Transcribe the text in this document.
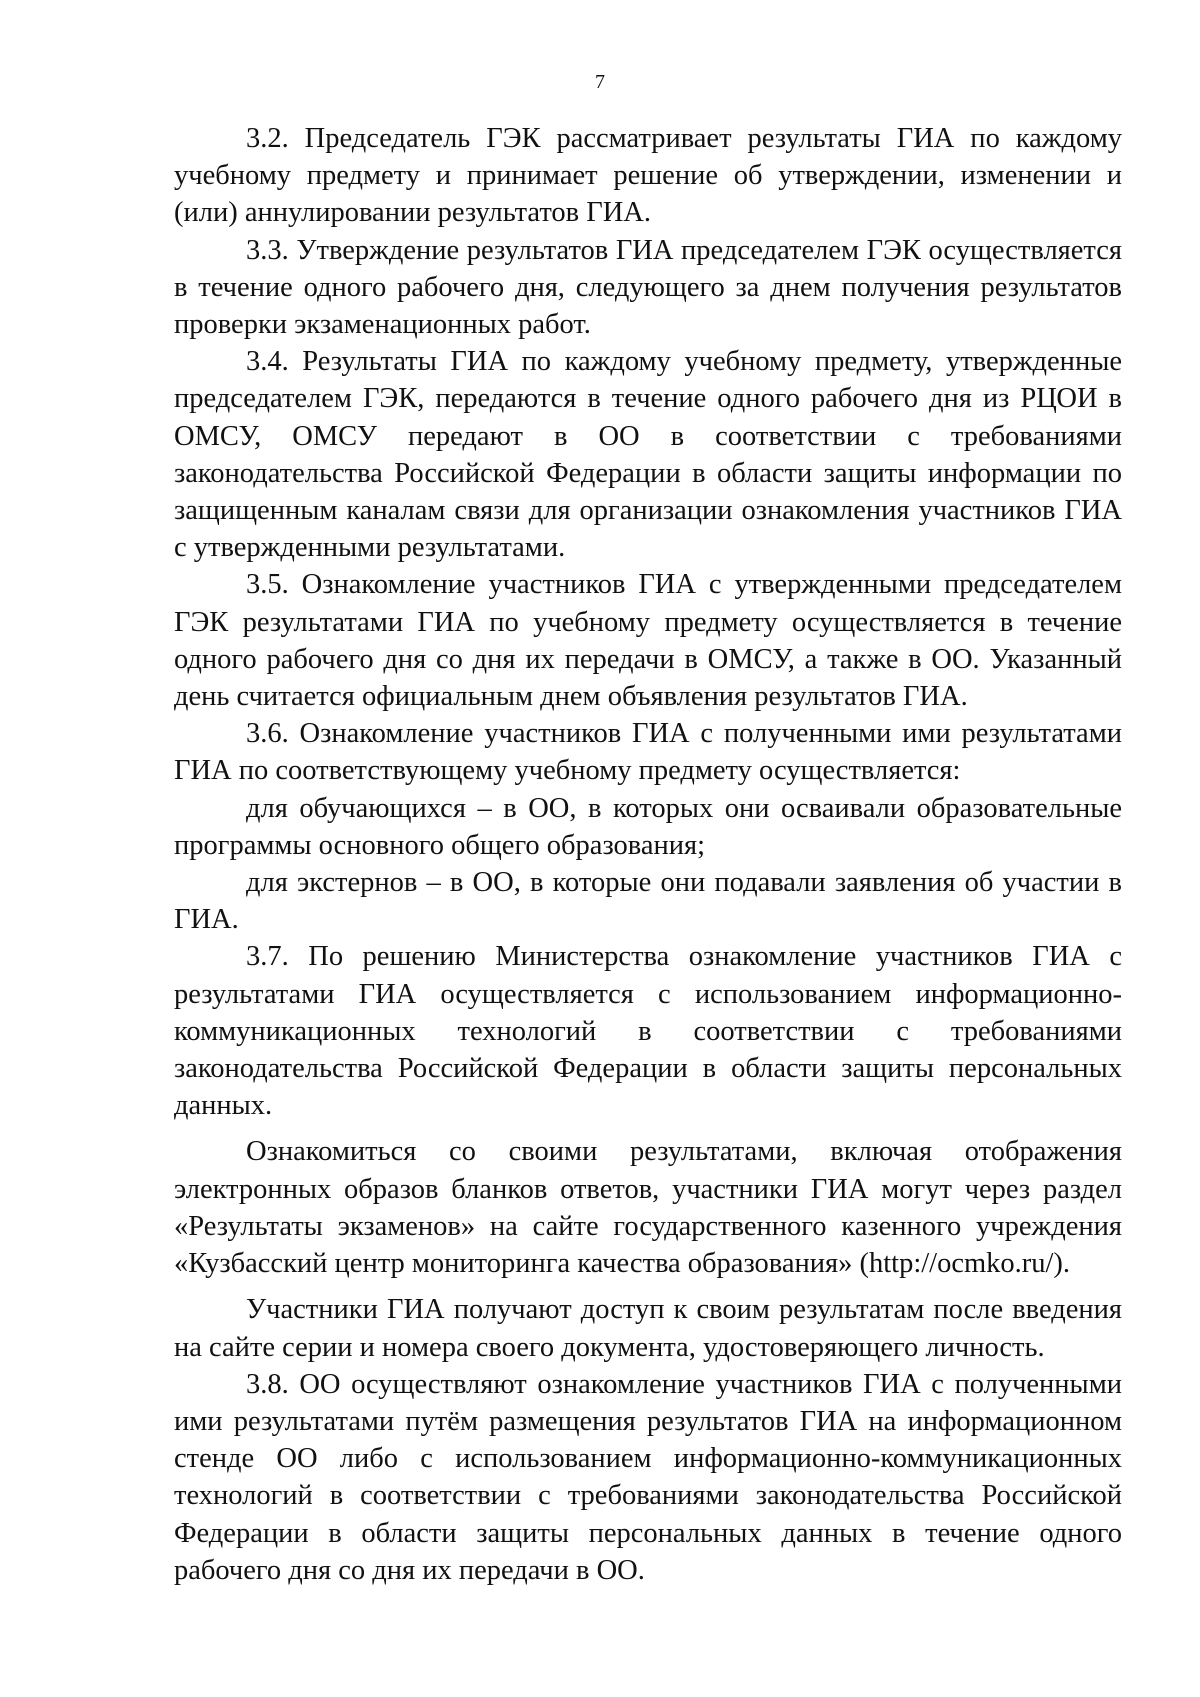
7

3.2. Председатель ГЭК рассматривает результаты ГИА по каждому учебному предмету и принимает решение об утверждении, изменении и (или) аннулировании результатов ГИА.

3.3. Утверждение результатов ГИА председателем ГЭК осуществляется в течение одного рабочего дня, следующего за днем получения результатов проверки экзаменационных работ.

3.4. Результаты ГИА по каждому учебному предмету, утвержденные председателем ГЭК, передаются в течение одного рабочего дня из РЦОИ в ОМСУ, ОМСУ передают в ОО в соответствии с требованиями законодательства Российской Федерации в области защиты информации по защищенным каналам связи для организации ознакомления участников ГИА с утвержденными результатами.

3.5. Ознакомление участников ГИА с утвержденными председателем ГЭК результатами ГИА по учебному предмету осуществляется в течение одного рабочего дня со дня их передачи в ОМСУ, а также в ОО. Указанный день считается официальным днем объявления результатов ГИА.

3.6. Ознакомление участников ГИА с полученными ими результатами ГИА по соответствующему учебному предмету осуществляется:

для обучающихся – в ОО, в которых они осваивали образовательные программы основного общего образования;

для экстернов – в ОО, в которые они подавали заявления об участии в ГИА.

3.7. По решению Министерства ознакомление участников ГИА с результатами ГИА осуществляется с использованием информационно-коммуникационных технологий в соответствии с требованиями законодательства Российской Федерации в области защиты персональных данных.

Ознакомиться со своими результатами, включая отображения электронных образов бланков ответов, участники ГИА могут через раздел «Результаты экзаменов» на сайте государственного казенного учреждения «Кузбасский центр мониторинга качества образования» (http://ocmko.ru/).

Участники ГИА получают доступ к своим результатам после введения на сайте серии и номера своего документа, удостоверяющего личность.

3.8. ОО осуществляют ознакомление участников ГИА с полученными ими результатами путём размещения результатов ГИА на информационном стенде ОО либо с использованием информационно-коммуникационных технологий в соответствии с требованиями законодательства Российской Федерации в области защиты персональных данных в течение одного рабочего дня со дня их передачи в ОО.
